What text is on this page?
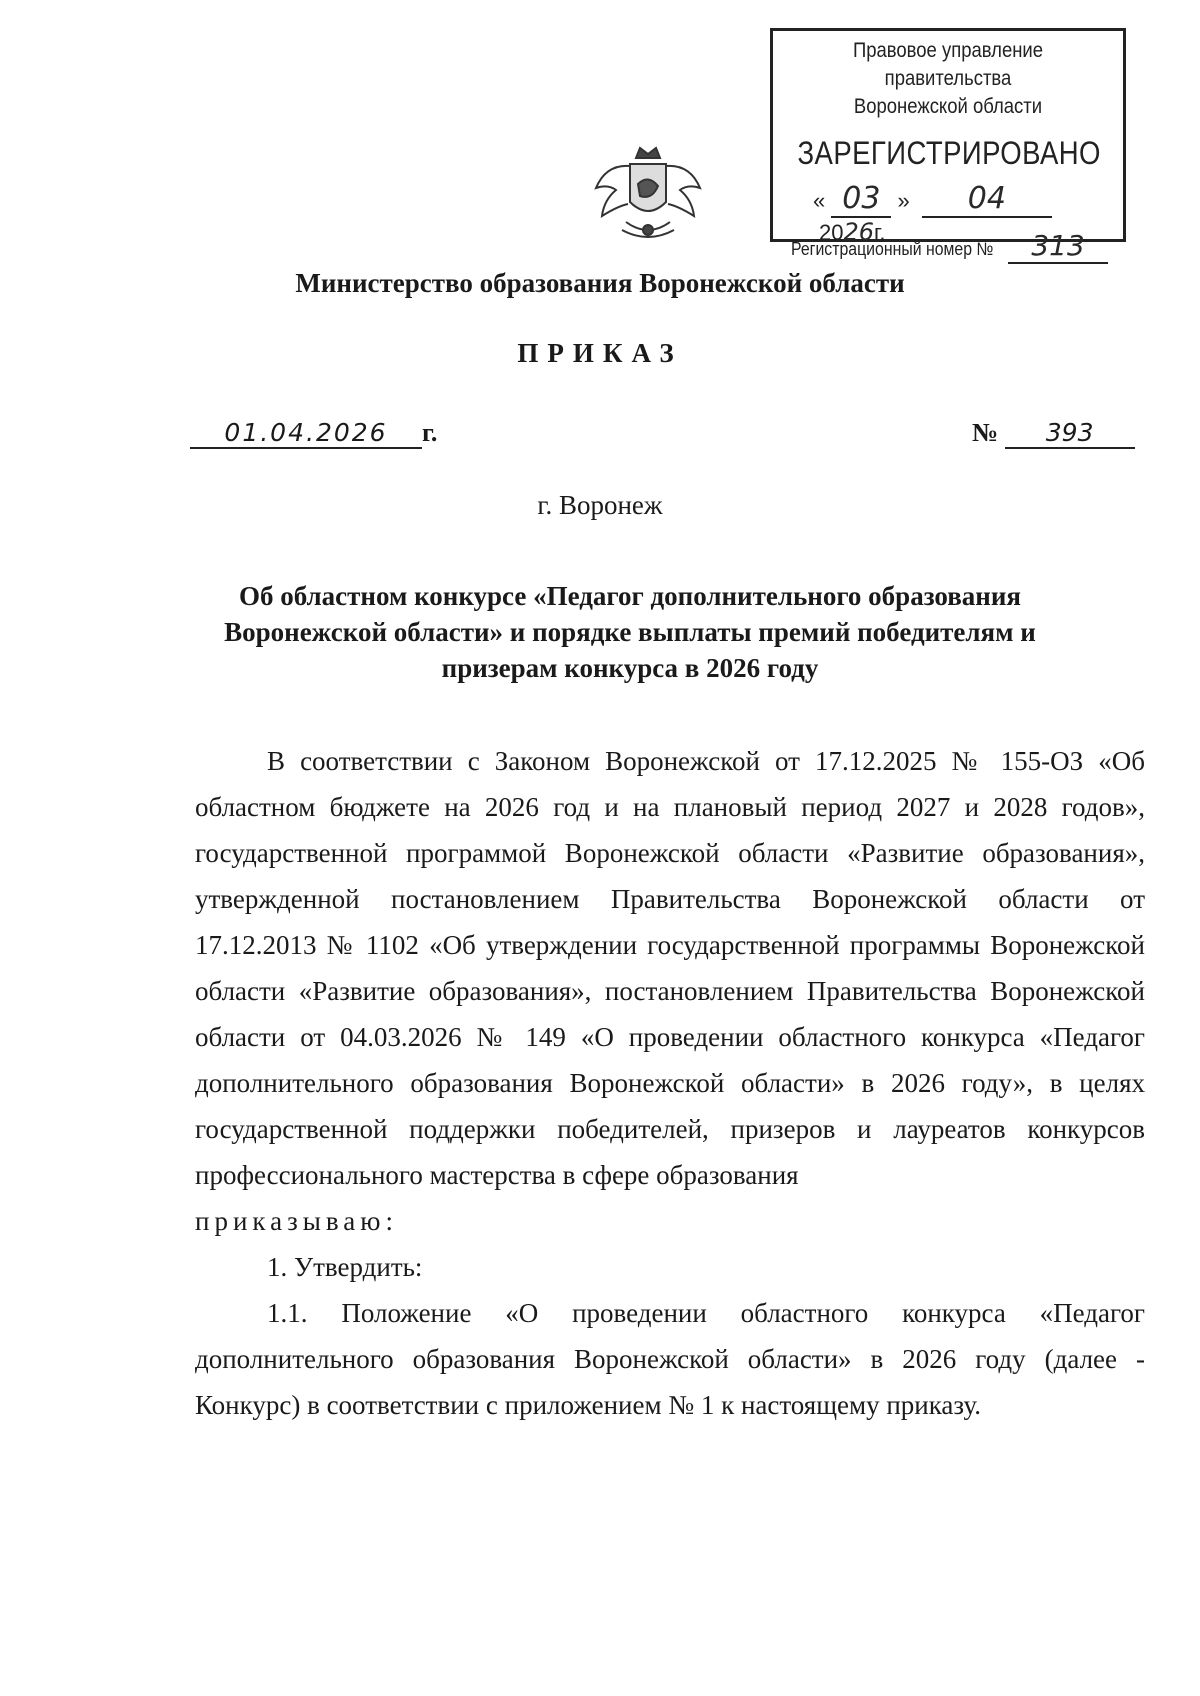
Правовое управление правительства
Воронежской области
ЗАРЕГИСТРИРОВАНО
« 03 » 04 2026г.
Регистрационный номер № 313
Министерство образования Воронежской области
ПРИКАЗ
01.04.2026 г.	№ 393
г. Воронеж
Об областном конкурсе «Педагог дополнительного образования Воронежской области» и порядке выплаты премий победителям и призерам конкурса в 2026 году

В соответствии с Законом Воронежской от 17.12.2025 № 155-ОЗ «Об областном бюджете на 2026 год и на плановый период 2027 и 2028 годов», государственной программой Воронежской области «Развитие образования», утвержденной постановлением Правительства Воронежской области от 17.12.2013 № 1102 «Об утверждении государственной программы Воронежской области «Развитие образования», постановлением Правительства Воронежской области от 04.03.2026 № 149 «О проведении областного конкурса «Педагог дополнительного образования Воронежской области» в 2026 году», в целях государственной поддержки победителей, призеров и лауреатов конкурсов профессионального мастерства в сфере образования

приказываю:

1. Утвердить:

1.1. Положение «О проведении областного конкурса «Педагог дополнительного образования Воронежской области» в 2026 году (далее - Конкурс) в соответствии с приложением № 1 к настоящему приказу.
